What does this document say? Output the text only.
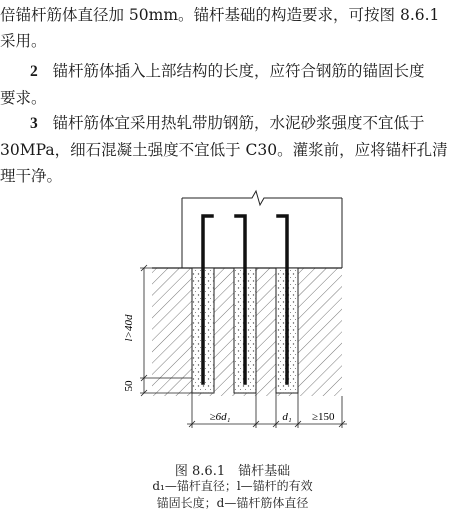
倍锚杆筋体直径加 50mm。锚杆基础的构造要求，可按图 8.6.1
采用。
2 锚杆筋体插入上部结构的长度，应符合钢筋的锚固长度
要求。
3 锚杆筋体宜采用热轧带肋钢筋，水泥砂浆强度不宜低于
30MPa，细石混凝土强度不宜低于 C30。灌浆前，应将锚杆孔清
理干净。
l>40d
50
≥6d₁	d₁ ≥150

图 8.6.1　锚杆基础

d₁—锚杆直径；l—锚杆的有效

锚固长度；d—锚杆筋体直径
